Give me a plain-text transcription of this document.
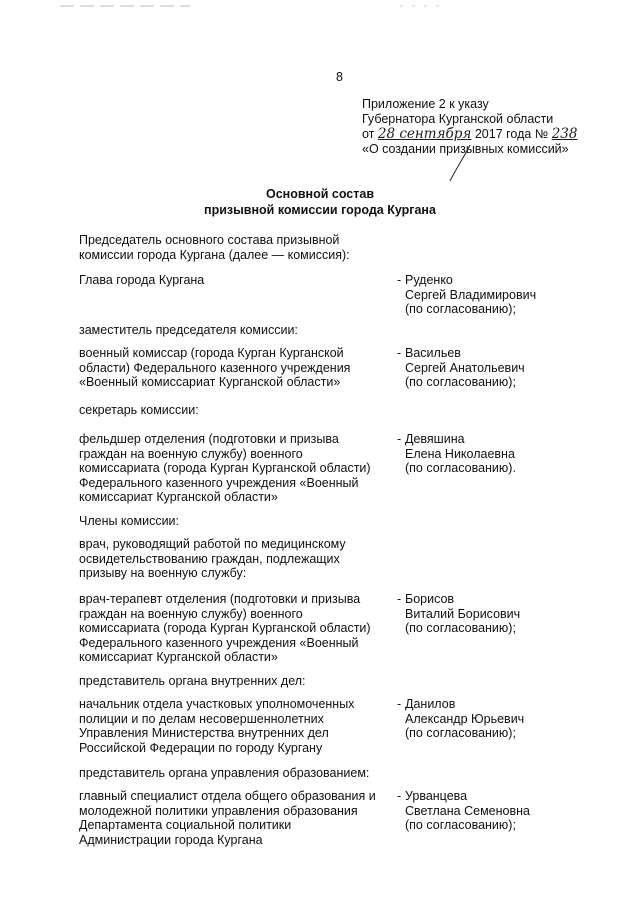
8
Приложение 2 к указу
Губернатора Курганской области
от 28 сентября 2017 года № 238
«О создании призывных комиссий»
Основной состав
призывной комиссии города Кургана
Председатель основного состава призывной
комиссии города Кургана (далее — комиссия):
Глава города Кургана	- Руденко
Сергей Владимирович
(по согласованию);
заместитель председателя комиссии:
военный комиссар (города Курган Курганской
области) Федерального казенного учреждения
«Военный комиссариат Курганской области»
- Васильев
Сергей Анатольевич
(по согласованию);
секретарь комиссии:
фельдшер отделения (подготовки и призыва
граждан на военную службу) военного
комиссариата (города Курган Курганской области)
Федерального казенного учреждения «Военный
комиссариат Курганской области»
- Девяшина
Елена Николаевна
(по согласованию).
Члены комиссии:
врач, руководящий работой по медицинскому
освидетельствованию граждан, подлежащих
призыву на военную службу:
врач-терапевт отделения (подготовки и призыва
граждан на военную службу) военного
комиссариата (города Курган Курганской области)
Федерального казенного учреждения «Военный
комиссариат Курганской области»
- Борисов
Виталий Борисович
(по согласованию);
представитель органа внутренних дел:
начальник отдела участковых уполномоченных
полиции и по делам несовершеннолетних
Управления Министерства внутренних дел
Российской Федерации по городу Кургану
- Данилов
Александр Юрьевич
(по согласованию);
представитель органа управления образованием:
главный специалист отдела общего образования и
молодежной политики управления образования
Департамента социальной политики
Администрации города Кургана
- Урванцева
Светлана Семеновна
(по согласованию);
